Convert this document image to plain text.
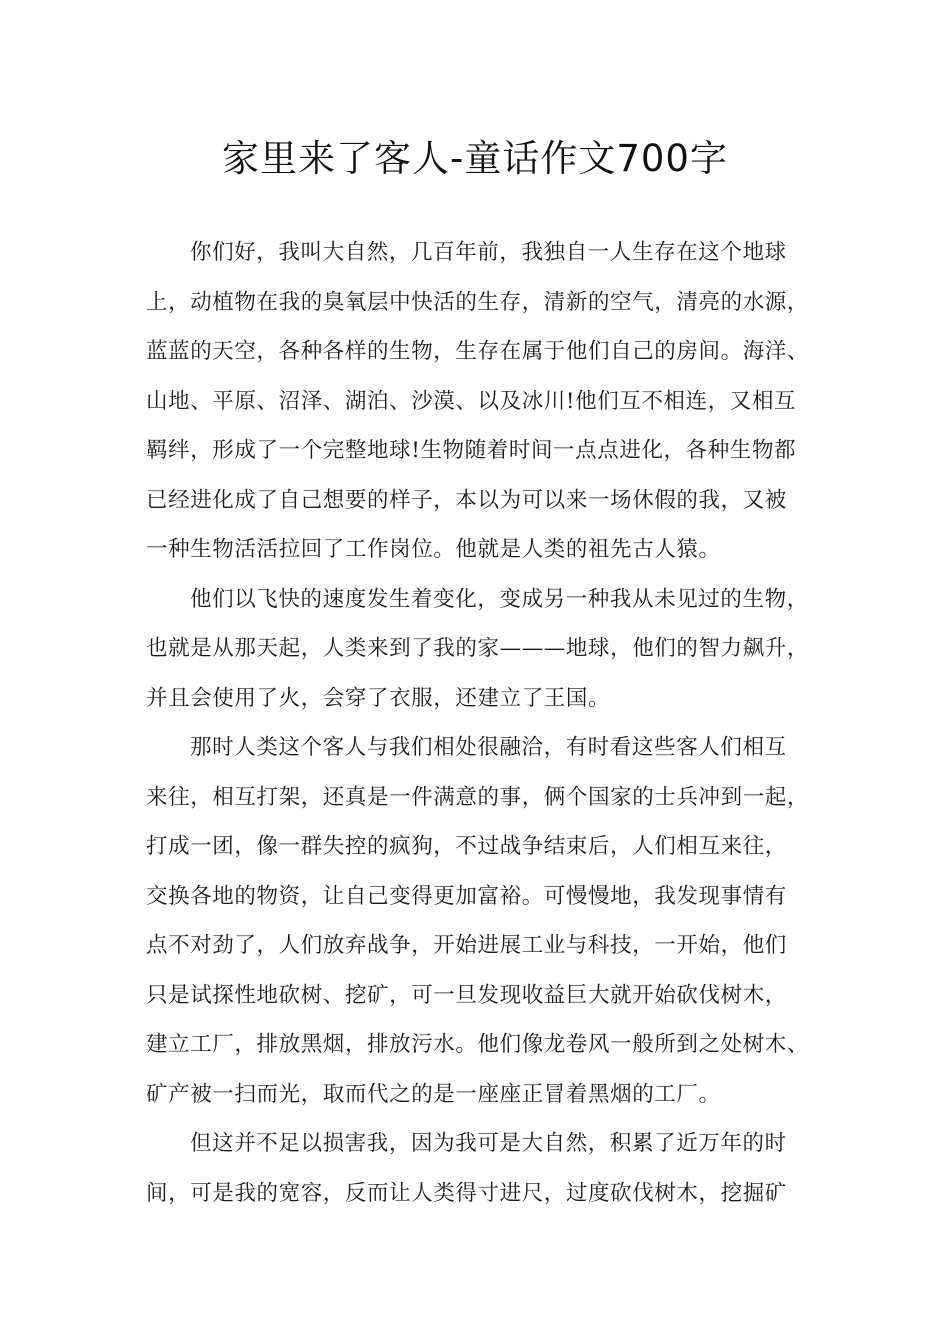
家里来了客人-童话作文700字
你们好，我叫大自然，几百年前，我独自一人生存在这个地球
上，动植物在我的臭氧层中快活的生存，清新的空气，清亮的水源，
蓝蓝的天空，各种各样的生物，生存在属于他们自己的房间。海洋、
山地、平原、沼泽、湖泊、沙漠、以及冰川!他们互不相连，又相互
羁绊，形成了一个完整地球!生物随着时间一点点进化，各种生物都
已经进化成了自己想要的样子，本以为可以来一场休假的我，又被
一种生物活活拉回了工作岗位。他就是人类的祖先古人猿。
他们以飞快的速度发生着变化，变成另一种我从未见过的生物，
也就是从那天起，人类来到了我的家———地球，他们的智力飙升，
并且会使用了火，会穿了衣服，还建立了王国。
那时人类这个客人与我们相处很融洽，有时看这些客人们相互
来往，相互打架，还真是一件满意的事，俩个国家的士兵冲到一起，
打成一团，像一群失控的疯狗，不过战争结束后，人们相互来往，
交换各地的物资，让自己变得更加富裕。可慢慢地，我发现事情有
点不对劲了，人们放弃战争，开始进展工业与科技，一开始，他们
只是试探性地砍树、挖矿，可一旦发现收益巨大就开始砍伐树木，
建立工厂，排放黑烟，排放污水。他们像龙卷风一般所到之处树木、
矿产被一扫而光，取而代之的是一座座正冒着黑烟的工厂。
但这并不足以损害我，因为我可是大自然，积累了近万年的时
间，可是我的宽容，反而让人类得寸进尺，过度砍伐树木，挖掘矿
